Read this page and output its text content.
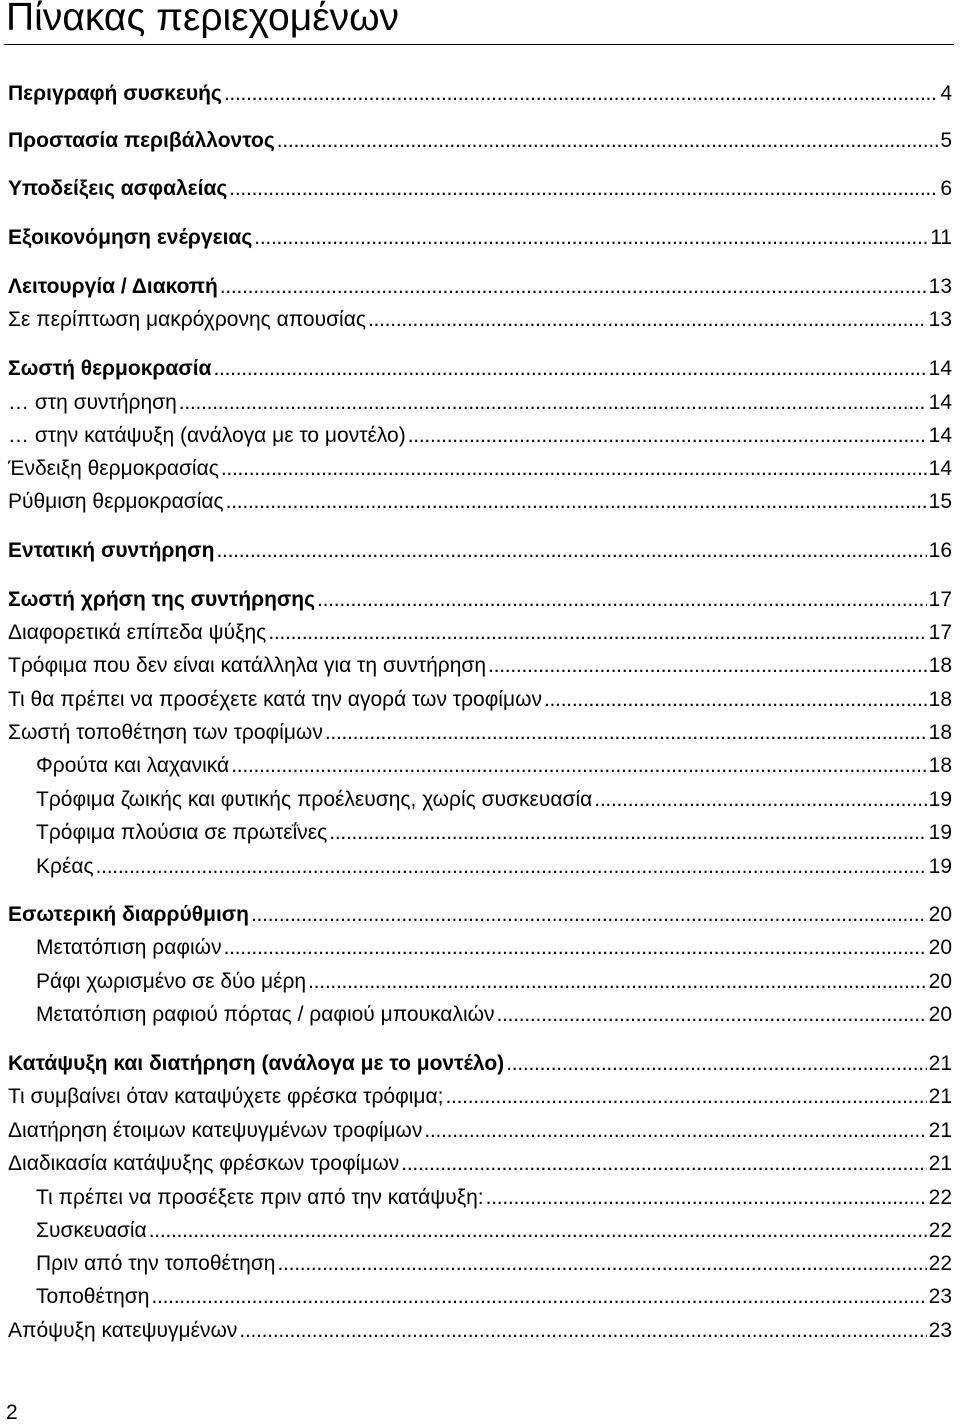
Πίνακας περιεχομένων
Περιγραφή συσκευής . . .	4
Προστασία περιβάλλοντος . . .	5
Υποδείξεις ασφαλείας . . .	6
Εξοικονόμηση ενέργειας . . .	11
Λειτουργία / Διακοπή . . .	13
Σε περίπτωση μακρόχρονης απουσίας . . .	13
Σωστή θερμοκρασία . . .	14
… στη συντήρηση . . .	14
… στην κατάψυξη (ανάλογα με το μοντέλο) . . .	14
Ένδειξη θερμοκρασίας . . .	14
Ρύθμιση θερμοκρασίας . . .	15
Εντατική συντήρηση . . .	16
Σωστή χρήση της συντήρησης . . .	17
Διαφορετικά επίπεδα ψύξης . . .	17
Τρόφιμα που δεν είναι κατάλληλα για τη συντήρηση . . .	18
Τι θα πρέπει να προσέχετε κατά την αγορά των τροφίμων . . .	18
Σωστή τοποθέτηση των τροφίμων . . .	18
Φρούτα και λαχανικά . . .	18
Τρόφιμα ζωικής και φυτικής προέλευσης, χωρίς συσκευασία . . .	19
Τρόφιμα πλούσια σε πρωτεΐνες . . .	19
Κρέας . . .	19
Εσωτερική διαρρύθμιση . . .	20
Μετατόπιση ραφιών . . .	20
Ράφι χωρισμένο σε δύο μέρη . . .	20
Μετατόπιση ραφιού πόρτας / ραφιού μπουκαλιών . . .	20
Κατάψυξη και διατήρηση (ανάλογα με το μοντέλο) . . .	21
Τι συμβαίνει όταν καταψύχετε φρέσκα τρόφιμα; . . .	21
Διατήρηση έτοιμων κατεψυγμένων τροφίμων . . .	21
Διαδικασία κατάψυξης φρέσκων τροφίμων . . .	21
Τι πρέπει να προσέξετε πριν από την κατάψυξη: . . .	22
Συσκευασία . . .	22
Πριν από την τοποθέτηση . . .	22
Τοποθέτηση . . .	23
Απόψυξη κατεψυγμένων . . .	23
2
